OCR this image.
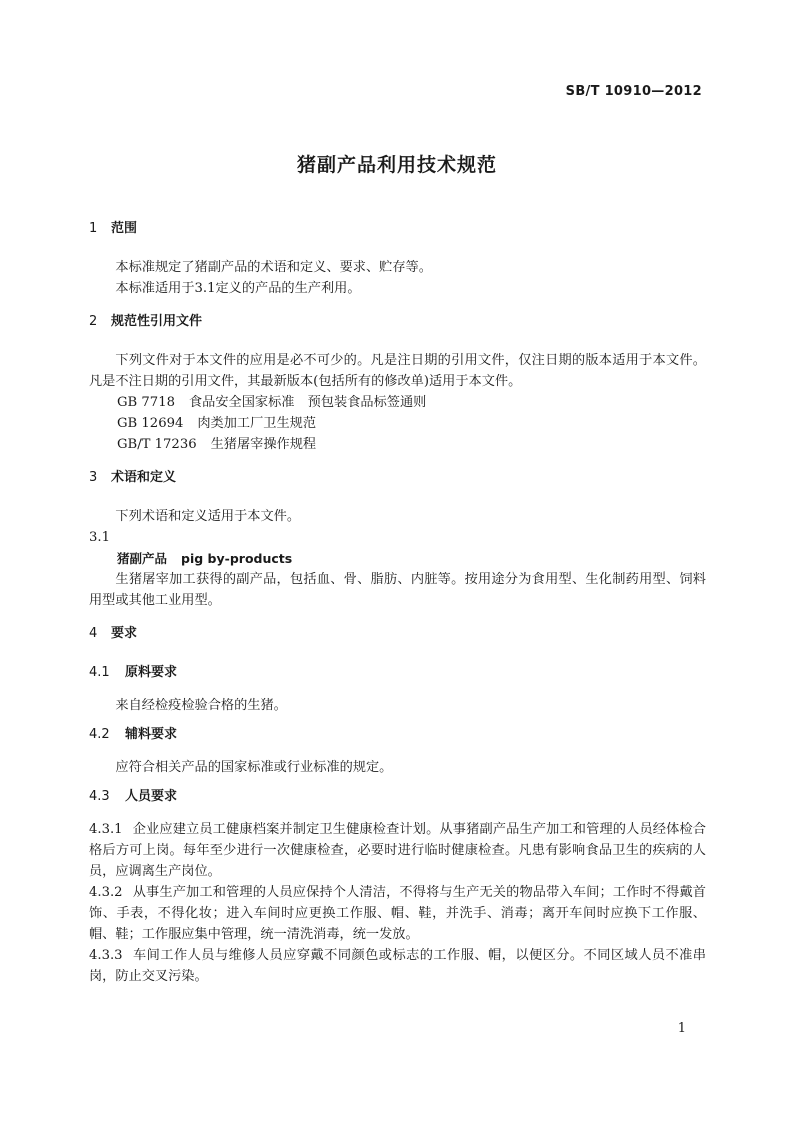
SB/T 10910—2012
猪副产品利用技术规范

1 范围

本标准规定了猪副产品的术语和定义、要求、贮存等。

本标准适用于3.1定义的产品的生产利用。

2 规范性引用文件

下列文件对于本文件的应用是必不可少的。凡是注日期的引用文件，仅注日期的版本适用于本文件。凡是不注日期的引用文件，其最新版本(包括所有的修改单)适用于本文件。

GB 7718 食品安全国家标准　预包装食品标签通则

GB 12694 肉类加工厂卫生规范

GB/T 17236 生猪屠宰操作规程

3 术语和定义

下列术语和定义适用于本文件。

3.1

猪副产品 pig by-products

生猪屠宰加工获得的副产品，包括血、骨、脂肪、内脏等。按用途分为食用型、生化制药用型、饲料用型或其他工业用型。

4 要求

4.1 原料要求

来自经检疫检验合格的生猪。

4.2 辅料要求

应符合相关产品的国家标准或行业标准的规定。

4.3 人员要求

4.3.1 企业应建立员工健康档案并制定卫生健康检查计划。从事猪副产品生产加工和管理的人员经体检合格后方可上岗。每年至少进行一次健康检查，必要时进行临时健康检查。凡患有影响食品卫生的疾病的人员，应调离生产岗位。

4.3.2 从事生产加工和管理的人员应保持个人清洁，不得将与生产无关的物品带入车间；工作时不得戴首饰、手表，不得化妆；进入车间时应更换工作服、帽、鞋，并洗手、消毒；离开车间时应换下工作服、帽、鞋；工作服应集中管理，统一清洗消毒，统一发放。

4.3.3 车间工作人员与维修人员应穿戴不同颜色或标志的工作服、帽，以便区分。不同区域人员不准串岗，防止交叉污染。

1
